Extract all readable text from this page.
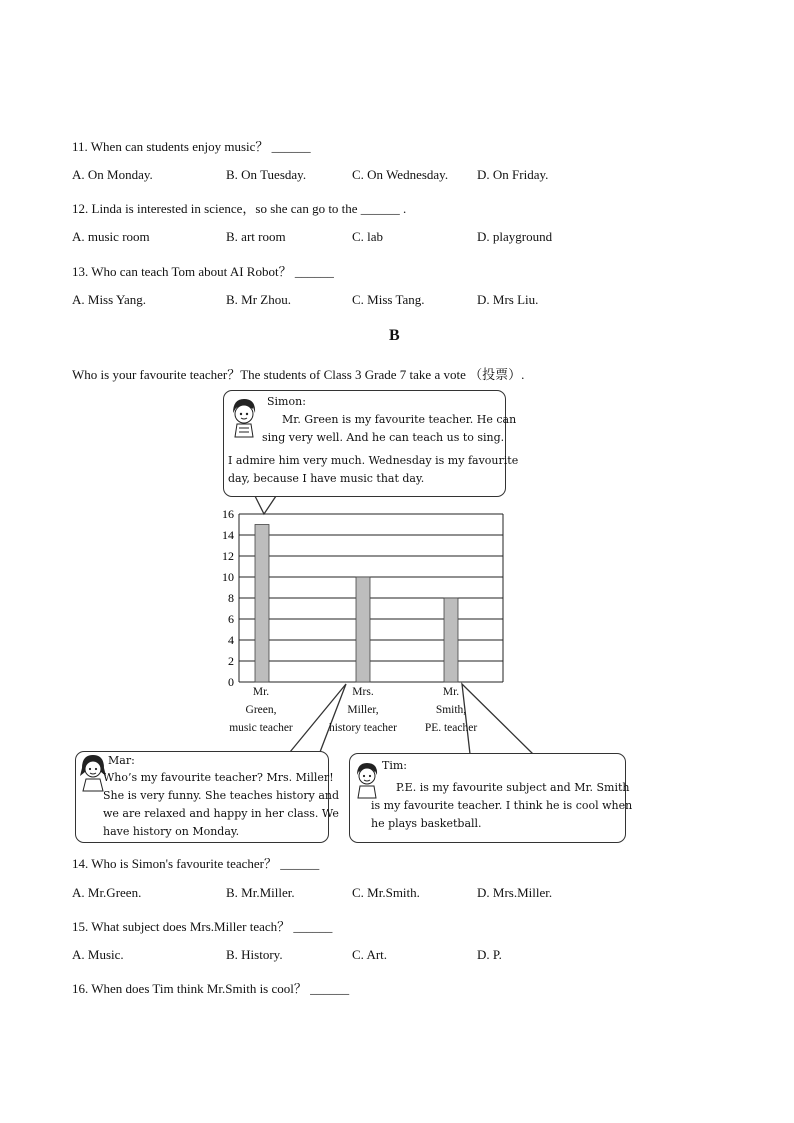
11. When can students enjoy music？ ______
A. On Monday.	B. On Tuesday.	C. On Wednesday. D. On Friday.
12. Linda is interested in science，so she can go to the ______ .
A. music room	B. art room	C. lab	D. playground
13. Who can teach Tom about AI Robot？ ______
A. Miss Yang.	B. Mr Zhou.	C. Miss Tang.	D. Mrs Liu.
B
Who is your favourite teacher？The students of Class 3 Grade 7 take a vote （投票）.
0
2
4
6
8
10
12
14
16
Simon:
Mr. Green is my favourite teacher. He can
sing very well. And he can teach us to sing.
I admire him very much. Wednesday is my favourite
day, because I have music that day.
Mr.
Green,
music teacher
Mrs.
Miller,
history teacher
Mr.
Smith,
PE. teacher
Mar:
Who’s my favourite teacher? Mrs. Miller!
She is very funny. She teaches history and
we are relaxed and happy in her class. We
have history on Monday.
Tim:
P.E. is my favourite subject and Mr. Smith
is my favourite teacher. I think he is cool when
he plays basketball.
14. Who is Simon's favourite teacher？ ______
A. Mr.Green.	B. Mr.Miller.	C. Mr.Smith.	D. Mrs.Miller.
15. What subject does Mrs.Miller teach？ ______
A. Music.	B. History.	C. Art.	D. P.
16. When does Tim think Mr.Smith is cool？ ______
